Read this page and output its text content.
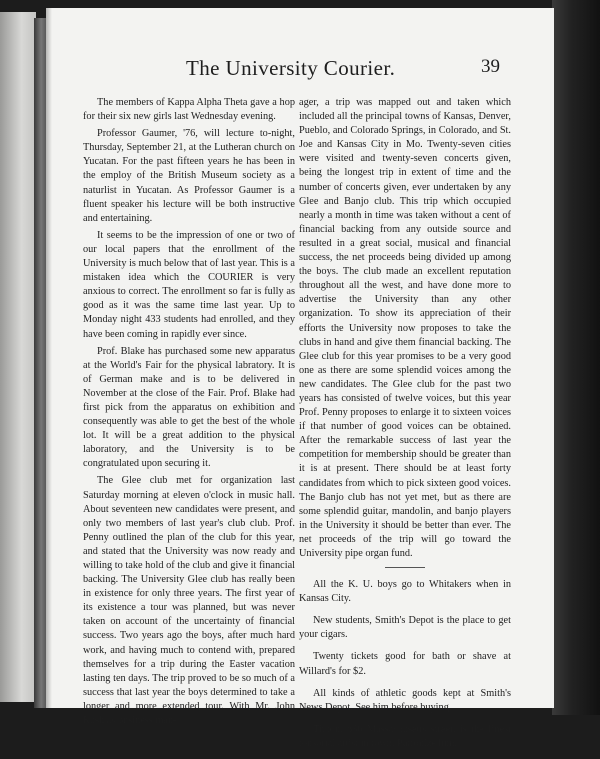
The University Courier.	39

The members of Kappa Alpha Theta gave a hop for their six new girls last Wednesday evening.

Professor Gaumer, '76, will lecture to-night, Thursday, September 21, at the Lutheran church on Yucatan. For the past fifteen years he has been in the employ of the British Museum society as a naturlist in Yucatan. As Professor Gaumer is a fluent speaker his lecture will be both instructive and entertaining.

It seems to be the impression of one or two of our local papers that the enrollment of the University is much below that of last year. This is a mistaken idea which the COURIER is very anxious to correct. The enrollment so far is fully as good as it was the same time last year. Up to Monday night 433 students had enrolled, and they have been coming in rapidly ever since.

Prof. Blake has purchased some new apparatus at the World's Fair for the physical labratory. It is of German make and is to be delivered in November at the close of the Fair. Prof. Blake had first pick from the apparatus on exhibition and consequently was able to get the best of the whole lot. It will be a great addition to the physical laboratory, and the University is to be congratulated upon securing it.

The Glee club met for organization last Saturday morning at eleven o'clock in music hall. About seventeen new candidates were present, and only two members of last year's club club. Prof. Penny outlined the plan of the club for this year, and stated that the University was now ready and willing to take hold of the club and give it financial backing. The University Glee club has really been in existence for only three years. The first year of its existence a tour was planned, but was never taken on account of the uncertainty of financial success. Two years ago the boys, after much hard work, and having much to contend with, prepared themselves for a trip during the Easter vacation lasting ten days. The trip proved to be so much of a success that last year the boys determined to take a longer and more extended tour. With Mr. John Rush as business man-

ager, a trip was mapped out and taken which included all the principal towns of Kansas, Denver, Pueblo, and Colorado Springs, in Colorado, and St. Joe and Kansas City in Mo. Twenty-seven cities were visited and twenty-seven concerts given, being the longest trip in extent of time and the number of concerts given, ever undertaken by any Glee and Banjo club. This trip which occupied nearly a month in time was taken without a cent of financial backing from any outside source and resulted in a great social, musical and financial success, the net proceeds being divided up among the boys. The club made an excellent reputation throughout all the west, and have done more to advertise the University than any other organization. To show its appreciation of their efforts the University now proposes to take the clubs in hand and give them financial backing. The Glee club for this year promises to be a very good one as there are some splendid voices among the new candidates. The Glee club for the past two years has consisted of twelve voices, but this year Prof. Penny proposes to enlarge it to sixteen voices if that number of good voices can be obtained. After the remarkable success of last year the competition for membership should be greater than it is at present. There should be at least forty candidates from which to pick sixteen good voices. The Banjo club has not yet met, but as there are some splendid guitar, mandolin, and banjo players in the University it should be better than ever. The net proceeds of the trip will go toward the University pipe organ fund.

All the K. U. boys go to Whitakers when in Kansas City.

New students, Smith's Depot is the place to get your cigars.

Twenty tickets good for bath or shave at Willard's for $2.

All kinds of athletic goods kept at Smith's News Depot. See him before buying.

Tipton, 836 Massachusetts street, is the finest tonsorial artist in town. Patronize him.
